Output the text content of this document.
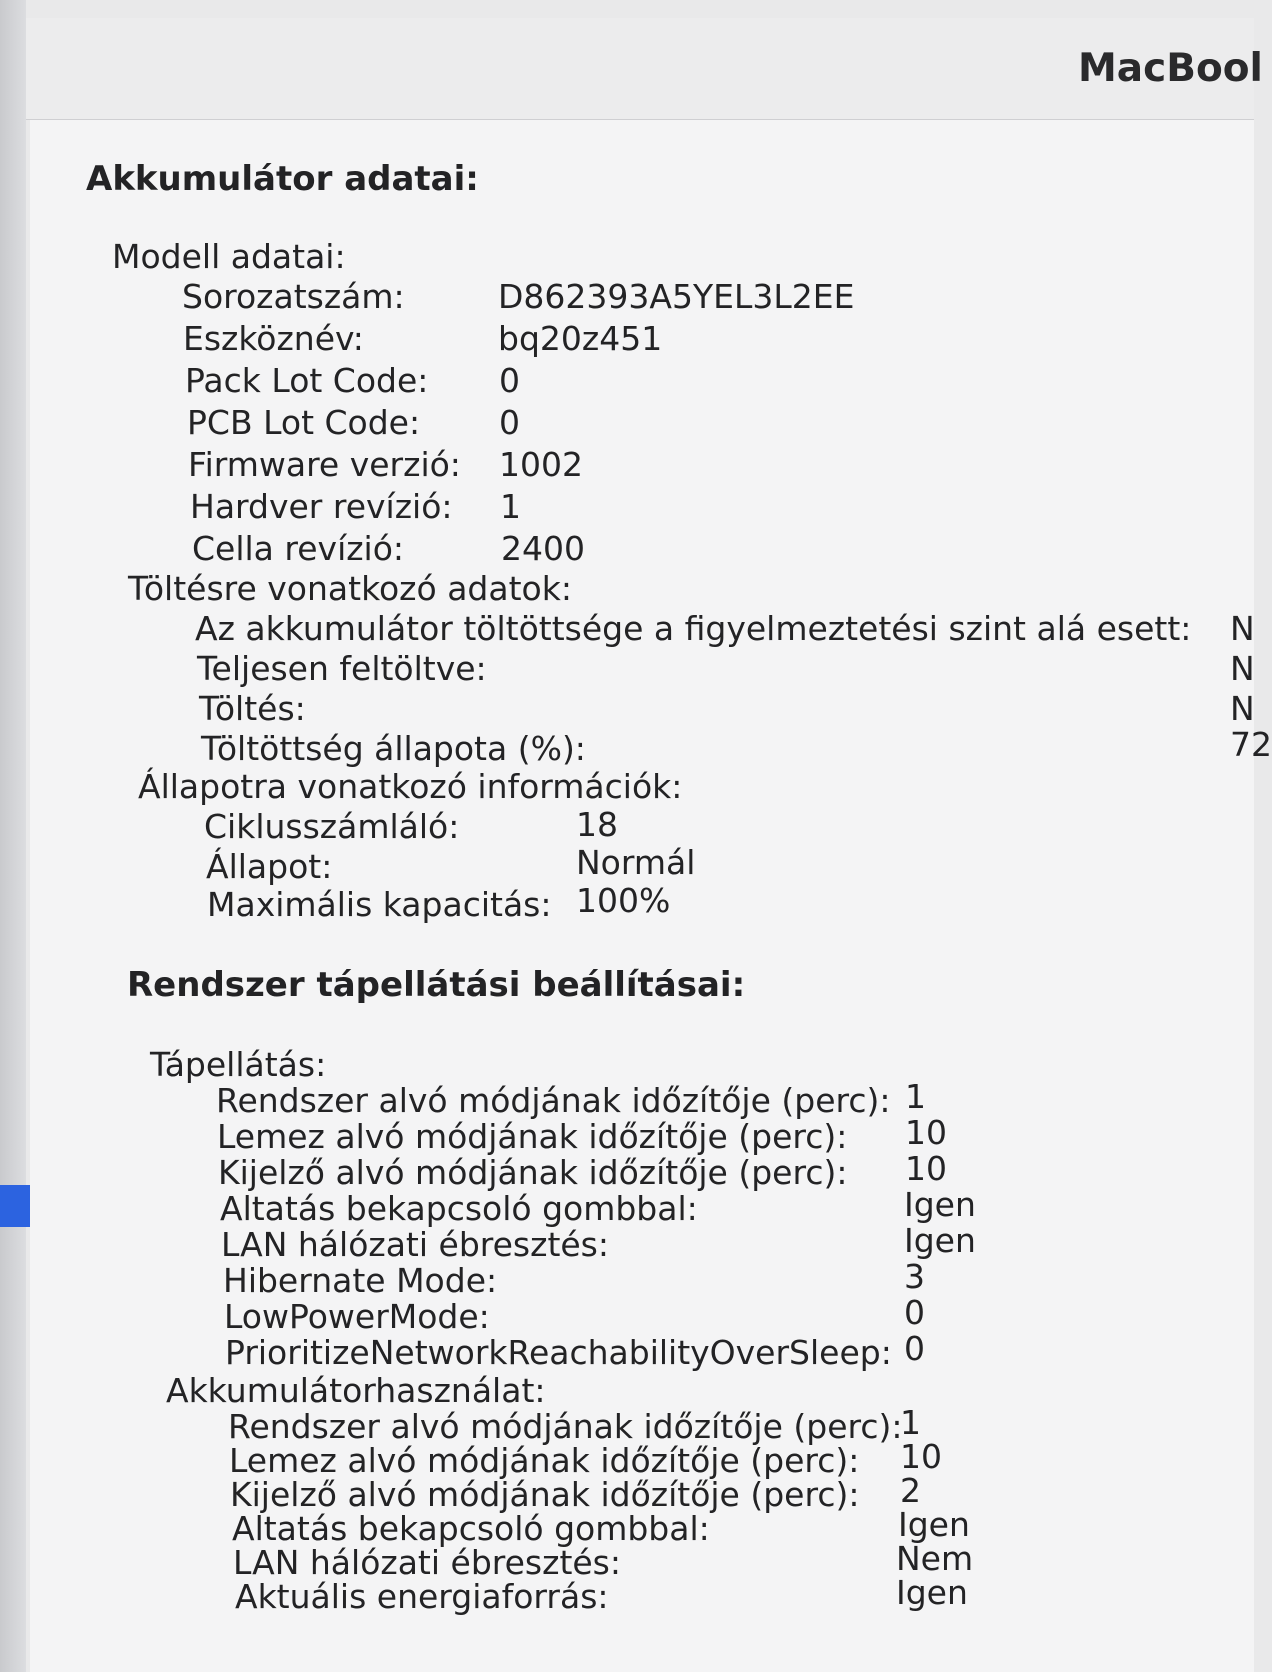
MacBool
Akkumulátor adatai:
Modell adatai:
Sorozatszám:	D862393A5YEL3L2EE
Eszköznév:	bq20z451
Pack Lot Code: 0
PCB Lot Code: 0
Firmware verzió: 1002
Hardver revízió: 1
Cella revízió:	2400
Töltésre vonatkozó adatok:
Az akkumulátor töltöttsége a figyelmeztetési szint alá esett: N
Teljesen feltöltve:	N
Töltés:	N
Töltöttség állapota (%):	72
Állapotra vonatkozó információk:
Ciklusszámláló:	18
Állapot:	Normál
Maximális kapacitás: 100%
Rendszer tápellátási beállításai:
Tápellátás:
Rendszer alvó módjának időzítője (perc): 1
Lemez alvó módjának időzítője (perc): 10
Kijelző alvó módjának időzítője (perc): 10
Altatás bekapcsoló gombbal:	Igen
LAN hálózati ébresztés:	Igen
Hibernate Mode:	3
LowPowerMode:	0
PrioritizeNetworkReachabilityOverSleep: 0
Akkumulátorhasználat:
Rendszer alvó módjának időzítője (perc):
1
Lemez alvó módjának időzítője (perc): 10
Kijelző alvó módjának időzítője (perc): 2
Altatás bekapcsoló gombbal:	Igen
LAN hálózati ébresztés:	Nem
Aktuális energiaforrás:	Igen
